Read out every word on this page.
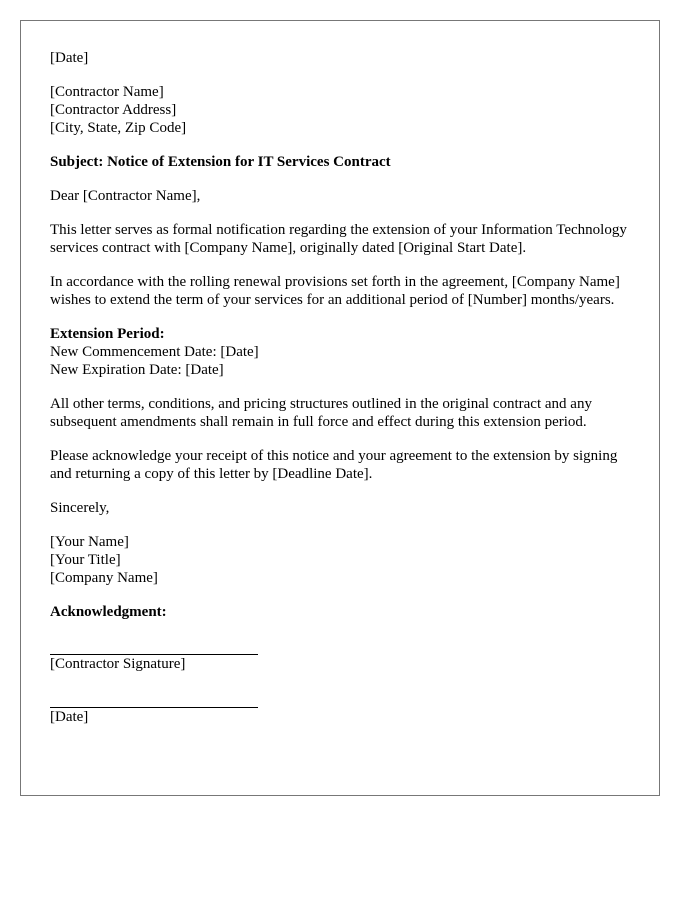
[Date]
[Contractor Name]
[Contractor Address]
[City, State, Zip Code]
Subject: Notice of Extension for IT Services Contract
Dear [Contractor Name],

This letter serves as formal notification regarding the extension of your Information Technology services contract with [Company Name], originally dated [Original Start Date].

In accordance with the rolling renewal provisions set forth in the agreement, [Company Name] wishes to extend the term of your services for an additional period of [Number] months/years.

Extension Period:
New Commencement Date: [Date]
New Expiration Date: [Date]

All other terms, conditions, and pricing structures outlined in the original contract and any subsequent amendments shall remain in full force and effect during this extension period.

Please acknowledge your receipt of this notice and your agreement to the extension by signing and returning a copy of this letter by [Deadline Date].

Sincerely,
[Your Name]
[Your Title]
[Company Name]
Acknowledgment:
[Contractor Signature]
[Date]
